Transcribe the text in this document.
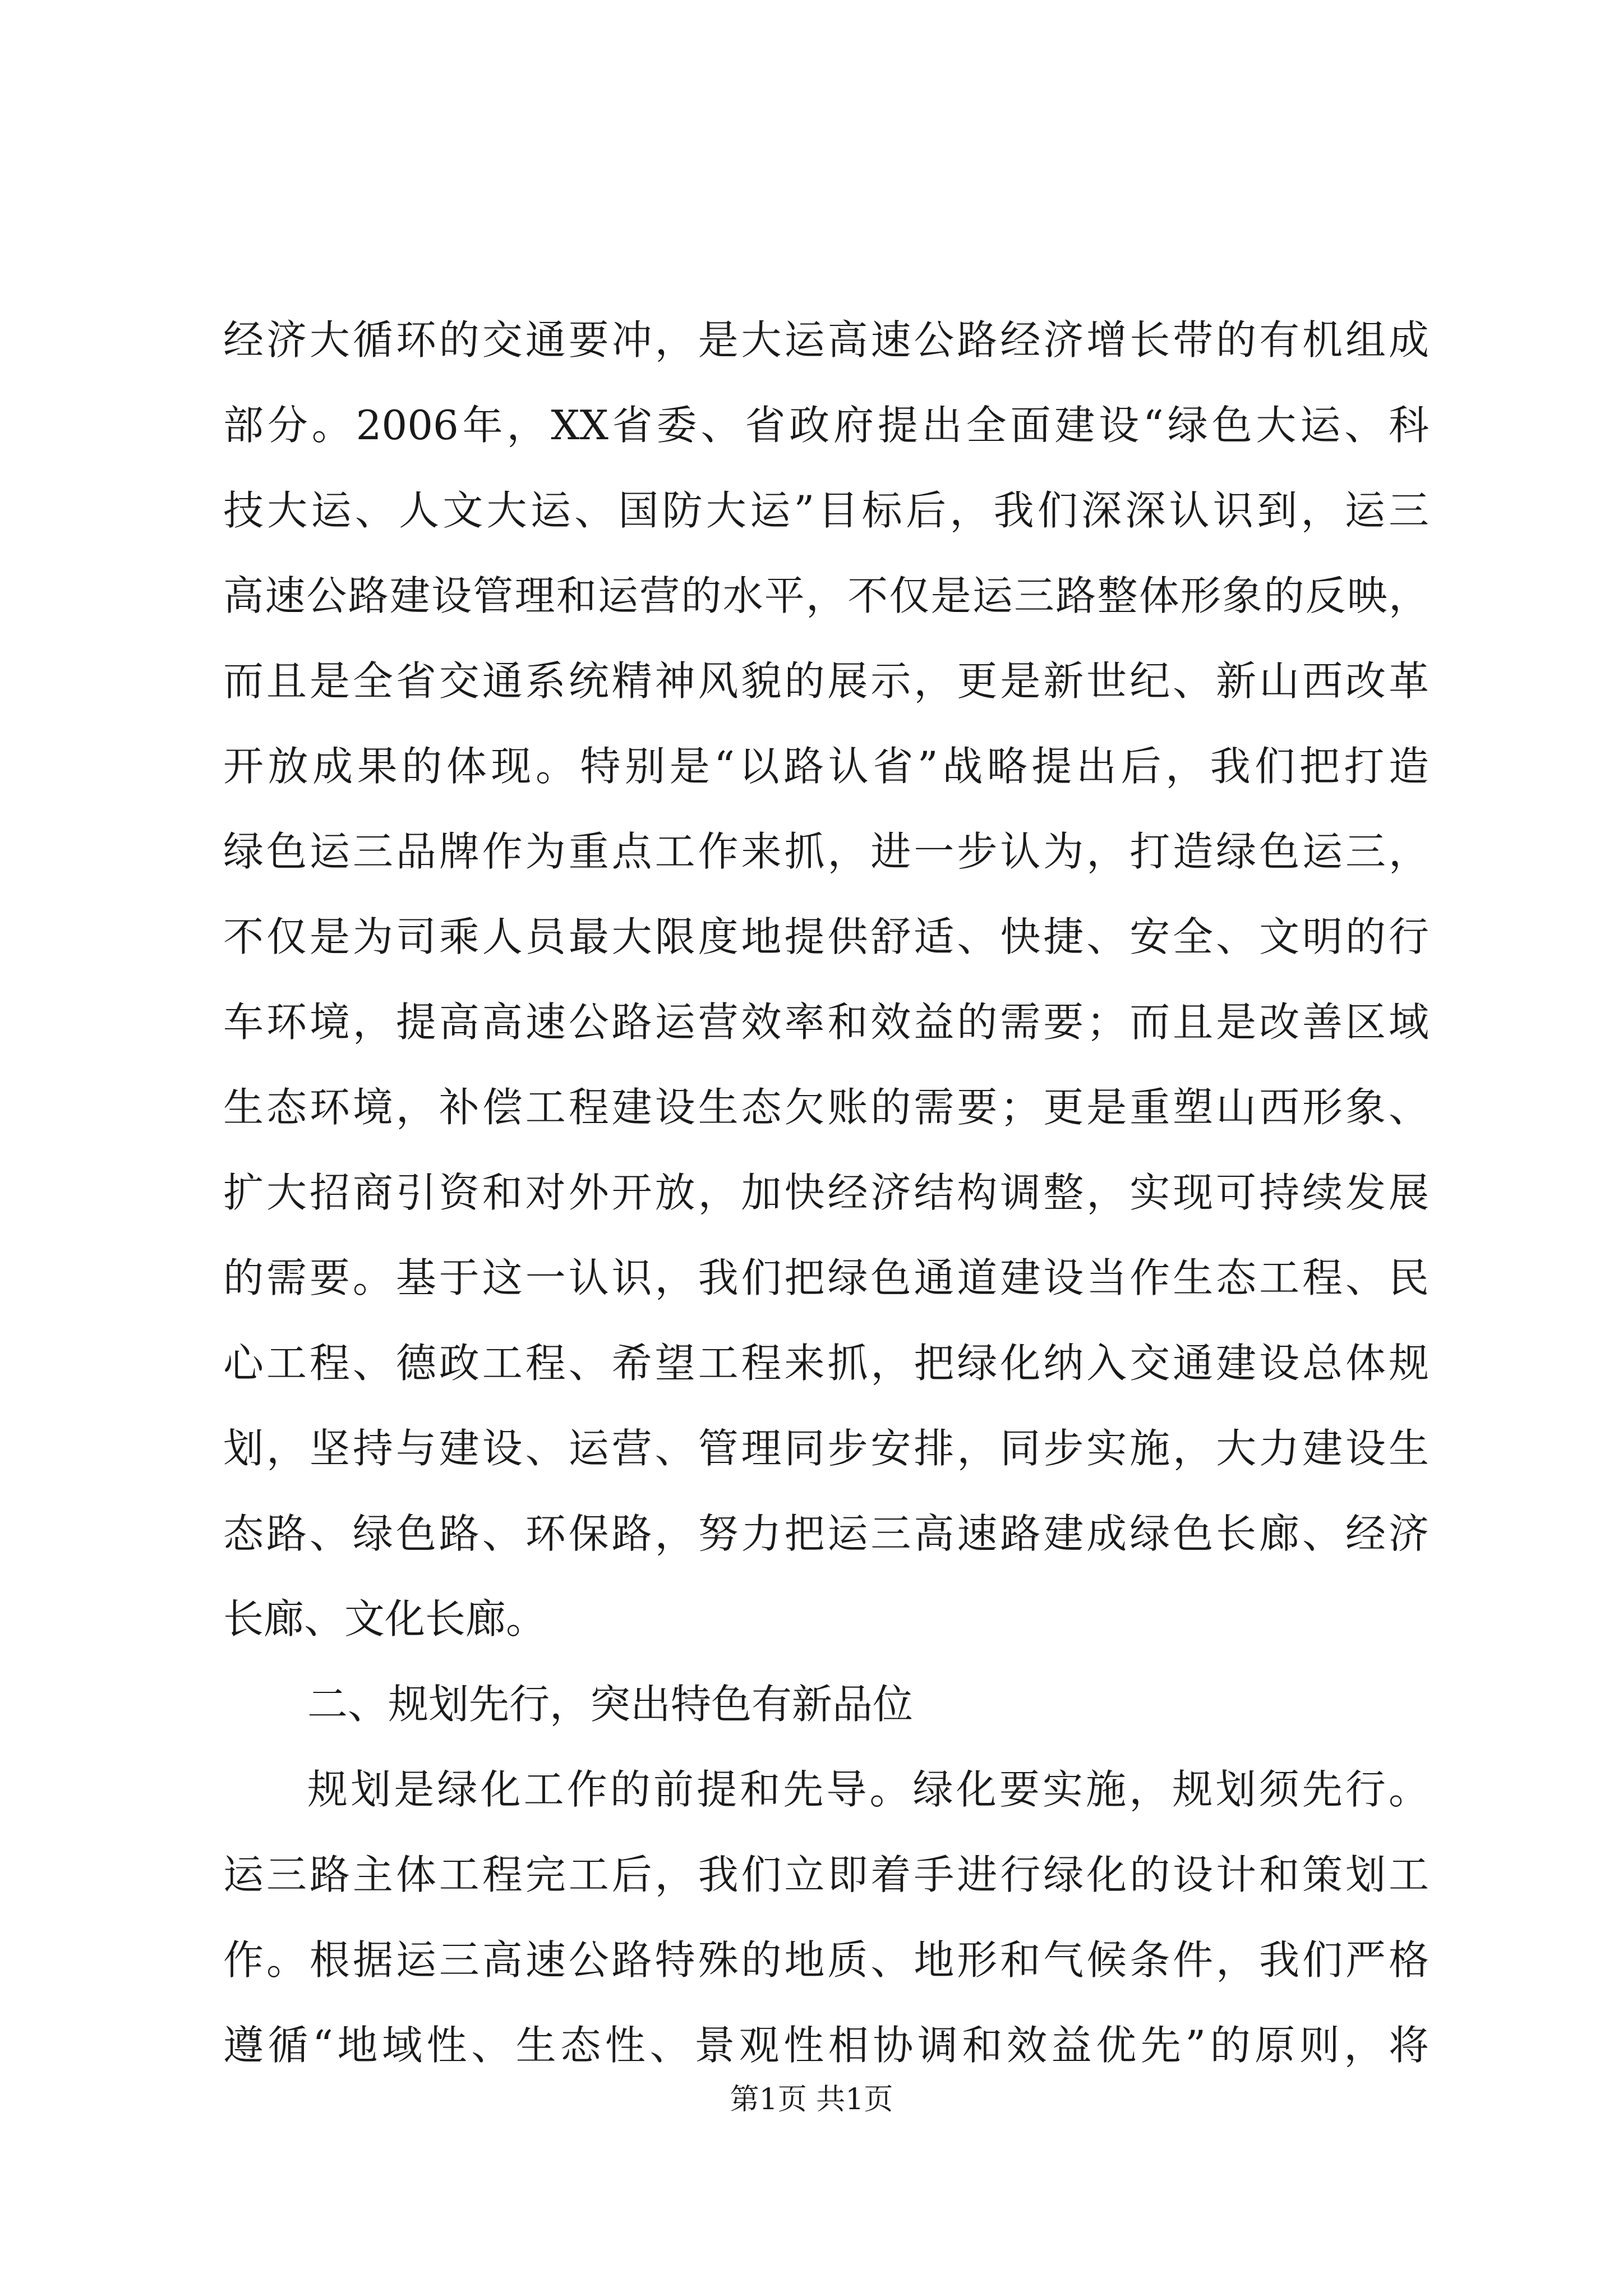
经济大循环的交通要冲，是大运高速公路经济增长带的有机组成
部分。2006年，XX省委、省政府提出全面建设“绿色大运、科
技大运、人文大运、国防大运”目标后，我们深深认识到，运三
高速公路建设管理和运营的水平，不仅是运三路整体形象的反映，
而且是全省交通系统精神风貌的展示，更是新世纪、新山西改革
开放成果的体现。特别是“以路认省”战略提出后，我们把打造
绿色运三品牌作为重点工作来抓，进一步认为，打造绿色运三，
不仅是为司乘人员最大限度地提供舒适、快捷、安全、文明的行
车环境，提高高速公路运营效率和效益的需要；而且是改善区域
生态环境，补偿工程建设生态欠账的需要；更是重塑山西形象、
扩大招商引资和对外开放，加快经济结构调整，实现可持续发展
的需要。基于这一认识，我们把绿色通道建设当作生态工程、民
心工程、德政工程、希望工程来抓，把绿化纳入交通建设总体规
划，坚持与建设、运营、管理同步安排，同步实施，大力建设生
态路、绿色路、环保路，努力把运三高速路建成绿色长廊、经济
长廊、文化长廊。
二、规划先行，突出特色有新品位
规划是绿化工作的前提和先导。绿化要实施，规划须先行。
运三路主体工程完工后，我们立即着手进行绿化的设计和策划工
作。根据运三高速公路特殊的地质、地形和气候条件，我们严格
遵循“地域性、生态性、景观性相协调和效益优先”的原则，将
第1页 共1页
